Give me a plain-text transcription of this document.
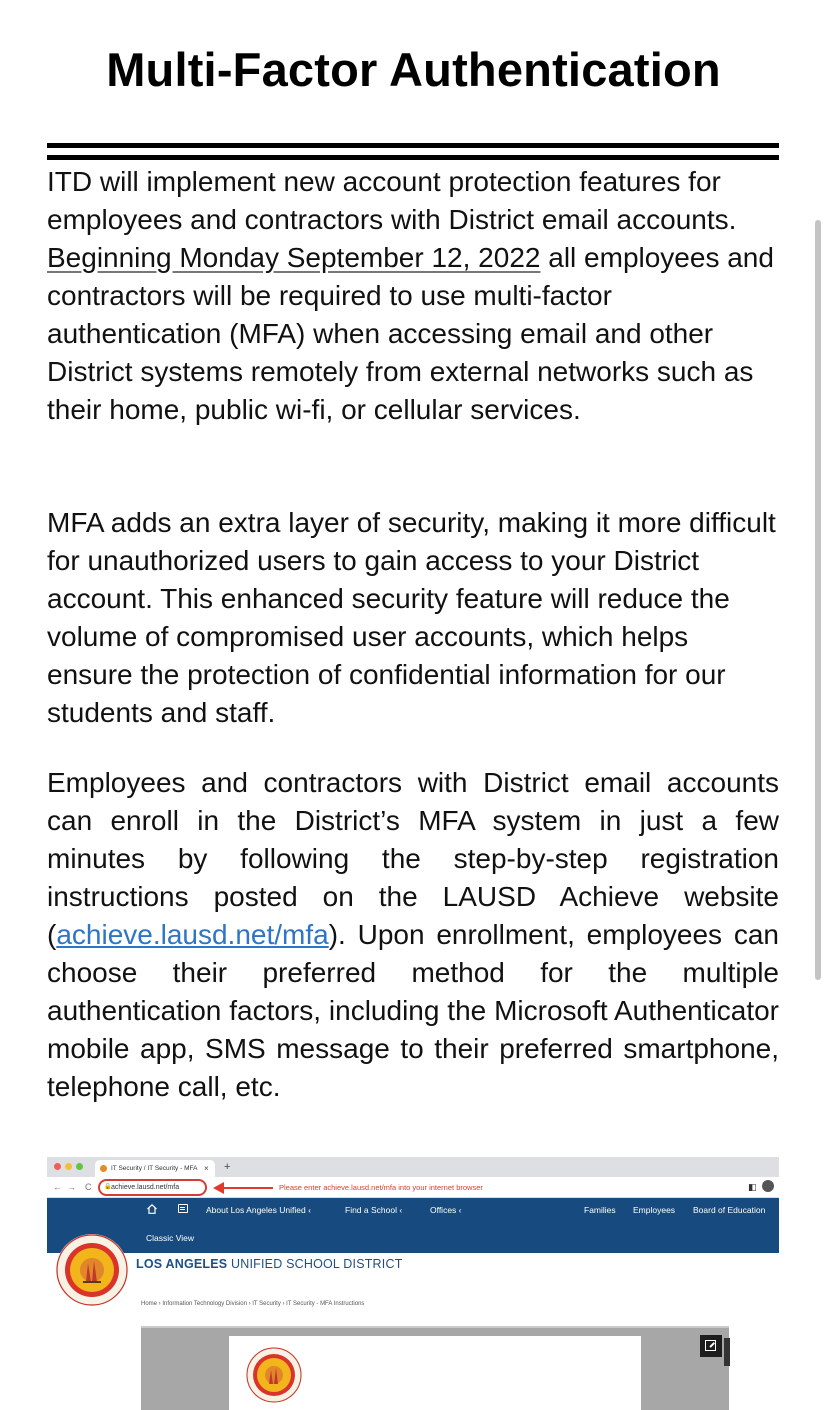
Multi-Factor Authentication

ITD will implement new account protection features for employees and contractors with District email accounts. Beginning Monday September 12, 2022 all employees and contractors will be required to use multi-factor authentication (MFA) when accessing email and other District systems remotely from external networks such as their home, public wi-fi, or cellular services.

MFA adds an extra layer of security, making it more difficult for unauthorized users to gain access to your District account. This enhanced security feature will reduce the volume of compromised user accounts, which helps ensure the protection of confidential information for our students and staff.

Employees and contractors with District email accounts can enroll in the District’s MFA system in just a few minutes by following the step-by-step registration instructions posted on the LAUSD Achieve website (achieve.lausd.net/mfa). Upon enrollment, employees can choose their preferred method for the multiple authentication factors, including the Microsoft Authenticator mobile app, SMS message to their preferred smartphone, telephone call, etc.

IT Security / IT Security - MFA × +
← → C 🔒 achieve.lausd.net/mfa	Please enter achieve.lausd.net/mfa into your internet browser	◧
About Los Angeles Unified ‹	Find a School ‹	Offices ‹	Families Employees Board of Education
Classic View
LOS ANGELES UNIFIED SCHOOL DISTRICT
Home › Information Technology Division › IT Security › IT Security - MFA Instructions
